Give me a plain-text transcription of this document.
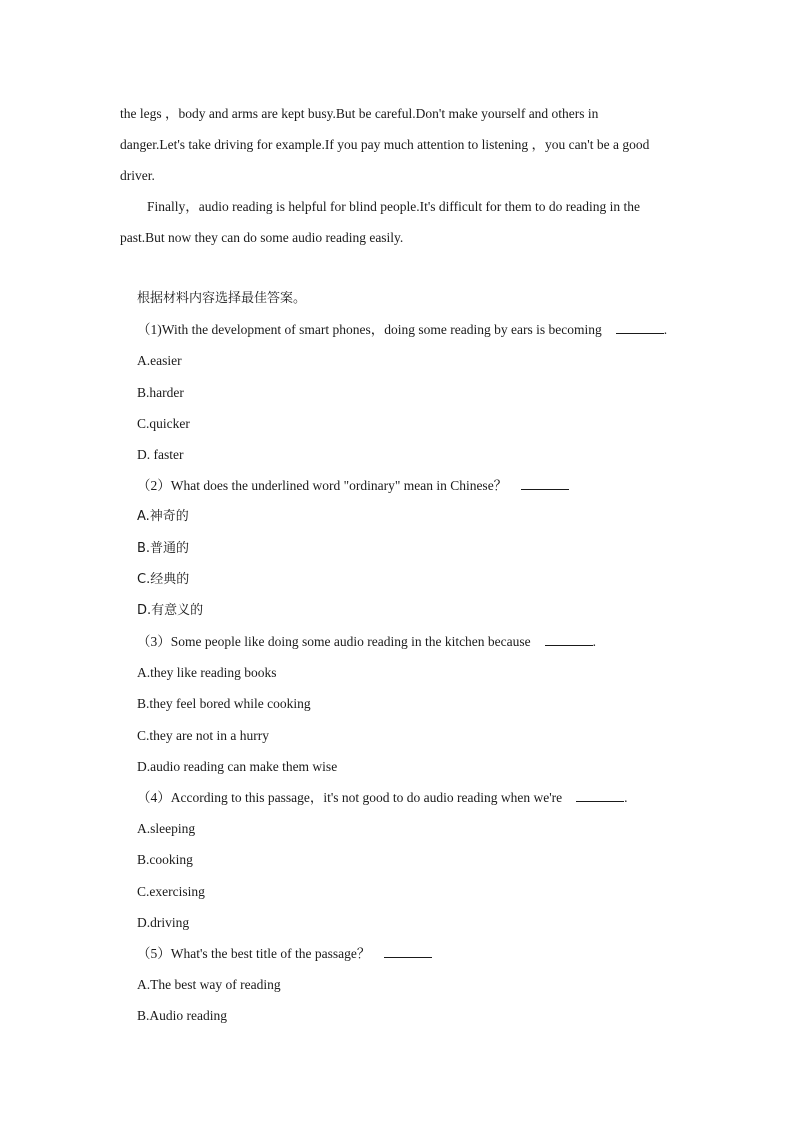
the legs ，body and arms are kept busy.But be careful.Don't make yourself and others in
danger.Let's take driving for example.If you pay much attention to listening ，you can't be a good
driver.

Finally，audio reading is helpful for blind people.It's difficult for them to do reading in the
past.But now they can do some audio reading easily.

根据材料内容选择最佳答案。
（1)With the development of smart phones，doing some reading by ears is becoming	.
A.easier
B.harder
C.quicker
D. faster
（2）What does the underlined word "ordinary" mean in Chinese？
A.神奇的
B.普通的
C.经典的
D.有意义的
（3）Some people like doing some audio reading in the kitchen because	.
A.they like reading books
B.they feel bored while cooking
C.they are not in a hurry
D.audio reading can make them wise
（4）According to this passage，it's not good to do audio reading when we're	.
A.sleeping
B.cooking
C.exercising
D.driving
（5）What's the best title of the passage？
A.The best way of reading
B.Audio reading
